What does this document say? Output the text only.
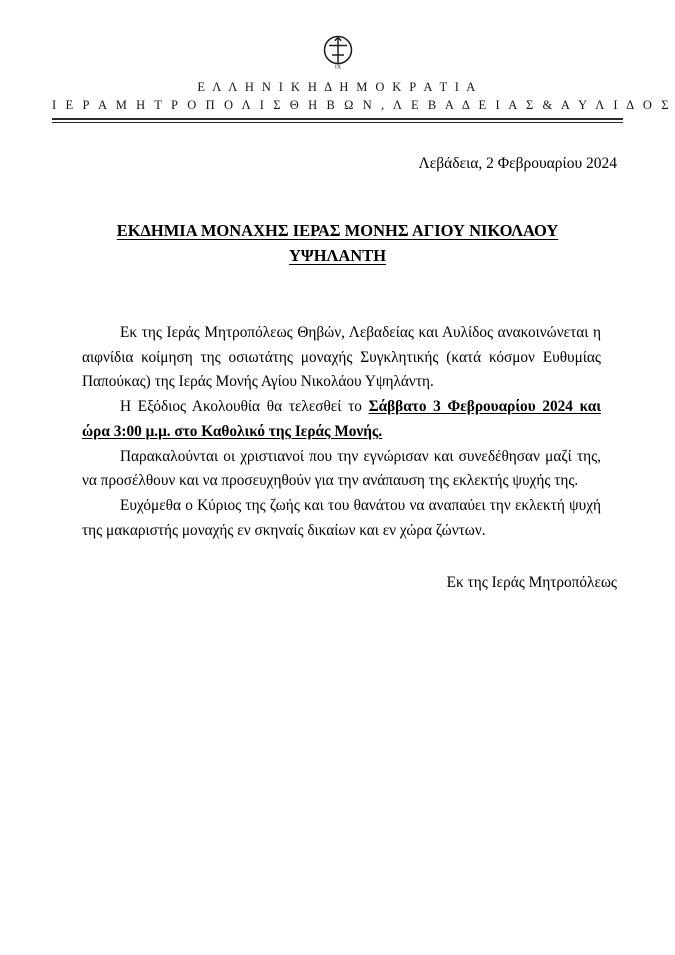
ΙΧ
Ε Λ Λ Η Ν Ι Κ Η Δ Η Μ Ο Κ Ρ Α Τ Ι Α
Ι Ε Ρ Α Μ Η Τ Ρ Ο Π Ο Λ Ι Σ Θ Η Β Ω Ν , Λ Ε Β Α Δ Ε Ι Α Σ & Α Υ Λ Ι Δ Ο Σ
Λεβάδεια, 2 Φεβρουαρίου 2024
ΕΚΔΗΜΙΑ ΜΟΝΑΧΗΣ ΙΕΡΑΣ ΜΟΝΗΣ ΑΓΙΟΥ ΝΙΚΟΛΑΟΥ ΥΨΗΛΑΝΤΗ

Εκ της Ιεράς Μητροπόλεως Θηβών, Λεβαδείας και Αυλίδος ανακοινώνεται η αιφνίδια κοίμηση της οσιωτάτης μοναχής Συγκλητικής (κατά κόσμον Ευθυμίας Παπούκας) της Ιεράς Μονής Αγίου Νικολάου Υψηλάντη.

Η Εξόδιος Ακολουθία θα τελεσθεί το Σάββατο 3 Φεβρουαρίου 2024 και ώρα 3:00 μ.μ. στο Καθολικό της Ιεράς Μονής.

Παρακαλούνται οι χριστιανοί που την εγνώρισαν και συνεδέθησαν μαζί της, να προσέλθουν και να προσευχηθούν για την ανάπαυση της εκλεκτής ψυχής της.

Ευχόμεθα ο Κύριος της ζωής και του θανάτου να αναπαύει την εκλεκτή ψυχή της μακαριστής μοναχής εν σκηναίς δικαίων και εν χώρα ζώντων.

Εκ της Ιεράς Μητροπόλεως
